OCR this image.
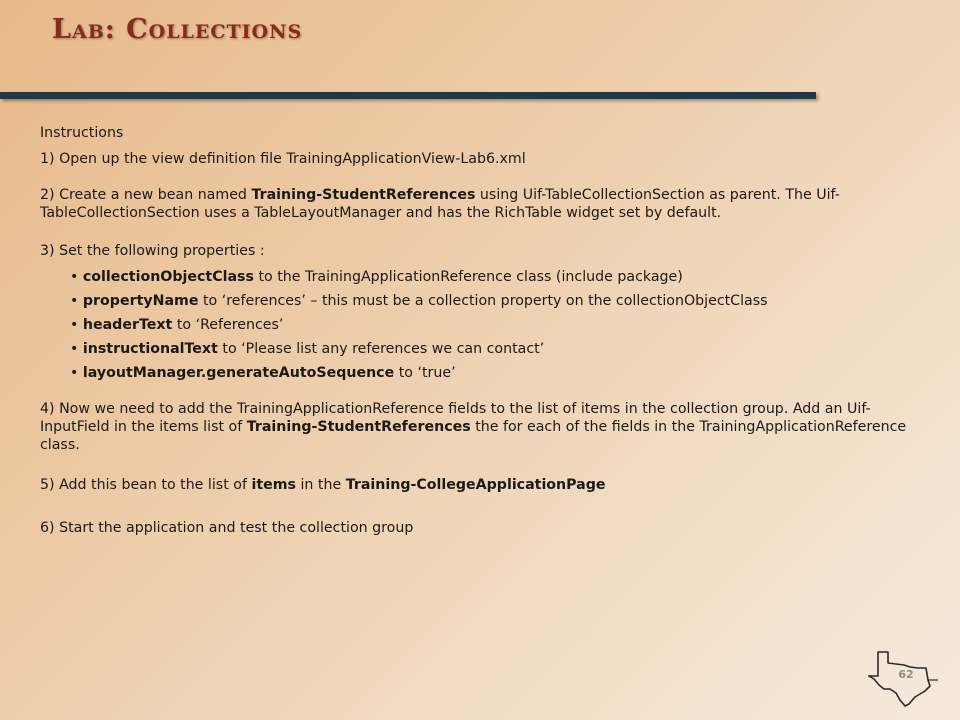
Lab: Collections

Instructions

1) Open up the view definition file TrainingApplicationView-Lab6.xml

2) Create a new bean named Training-StudentReferences using Uif-TableCollectionSection as parent. The Uif-TableCollectionSection uses a TableLayoutManager and has the RichTable widget set by default.

3) Set the following properties :

• collectionObjectClass to the TrainingApplicationReference class (include package)
• propertyName to ‘references’ – this must be a collection property on the collectionObjectClass
• headerText to ‘References’
• instructionalText to ‘Please list any references we can contact’
• layoutManager.generateAutoSequence to ‘true’

4) Now we need to add the TrainingApplicationReference fields to the list of items in the collection group. Add an Uif-InputField in the items list of Training-StudentReferences the for each of the fields in the TrainingApplicationReference class.

5) Add this bean to the list of items in the Training-CollegeApplicationPage

6) Start the application and test the collection group

62
